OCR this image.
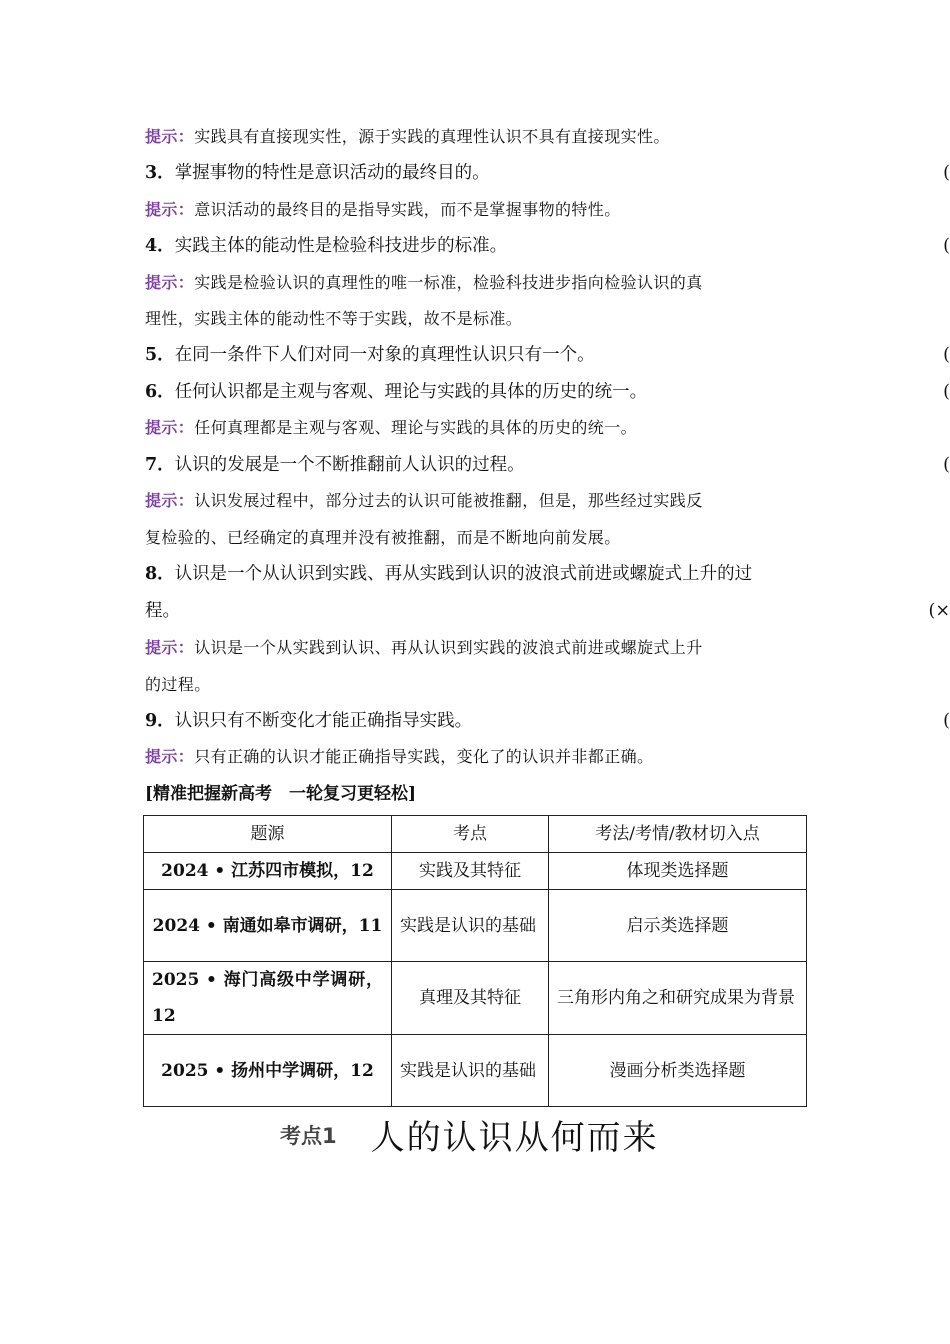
提示：实践具有直接现实性，源于实践的真理性认识不具有直接现实性。
3．掌握事物的特性是意识活动的最终目的。	(
提示：意识活动的最终目的是指导实践，而不是掌握事物的特性。
4．实践主体的能动性是检验科技进步的标准。	(
提示：实践是检验认识的真理性的唯一标准，检验科技进步指向检验认识的真
理性，实践主体的能动性不等于实践，故不是标准。
5．在同一条件下人们对同一对象的真理性认识只有一个。	(
6．任何认识都是主观与客观、理论与实践的具体的历史的统一。	(
提示：任何真理都是主观与客观、理论与实践的具体的历史的统一。
7．认识的发展是一个不断推翻前人认识的过程。	(
提示：认识发展过程中，部分过去的认识可能被推翻，但是，那些经过实践反
复检验的、已经确定的真理并没有被推翻，而是不断地向前发展。
8．认识是一个从认识到实践、再从实践到认识的波浪式前进或螺旋式上升的过
程。	(×
提示：认识是一个从实践到认识、再从认识到实践的波浪式前进或螺旋式上升
的过程。
9．认识只有不断变化才能正确指导实践。	(
提示：只有正确的认识才能正确指导实践，变化了的认识并非都正确。
[精准把握新高考　一轮复习更轻松]
题源	考点	考法/考情/教材切入点
2024 • 江苏四市模拟，12	实践及其特征	体现类选择题
2024 • 南通如皋市调研，11	实践是认识的基础	启示类选择题
2025 • 海门高级中学调研，12	真理及其特征	三角形内角之和研究成果为背景
2025 • 扬州中学调研，12	实践是认识的基础	漫画分析类选择题
考点1 人的认识从何而来
